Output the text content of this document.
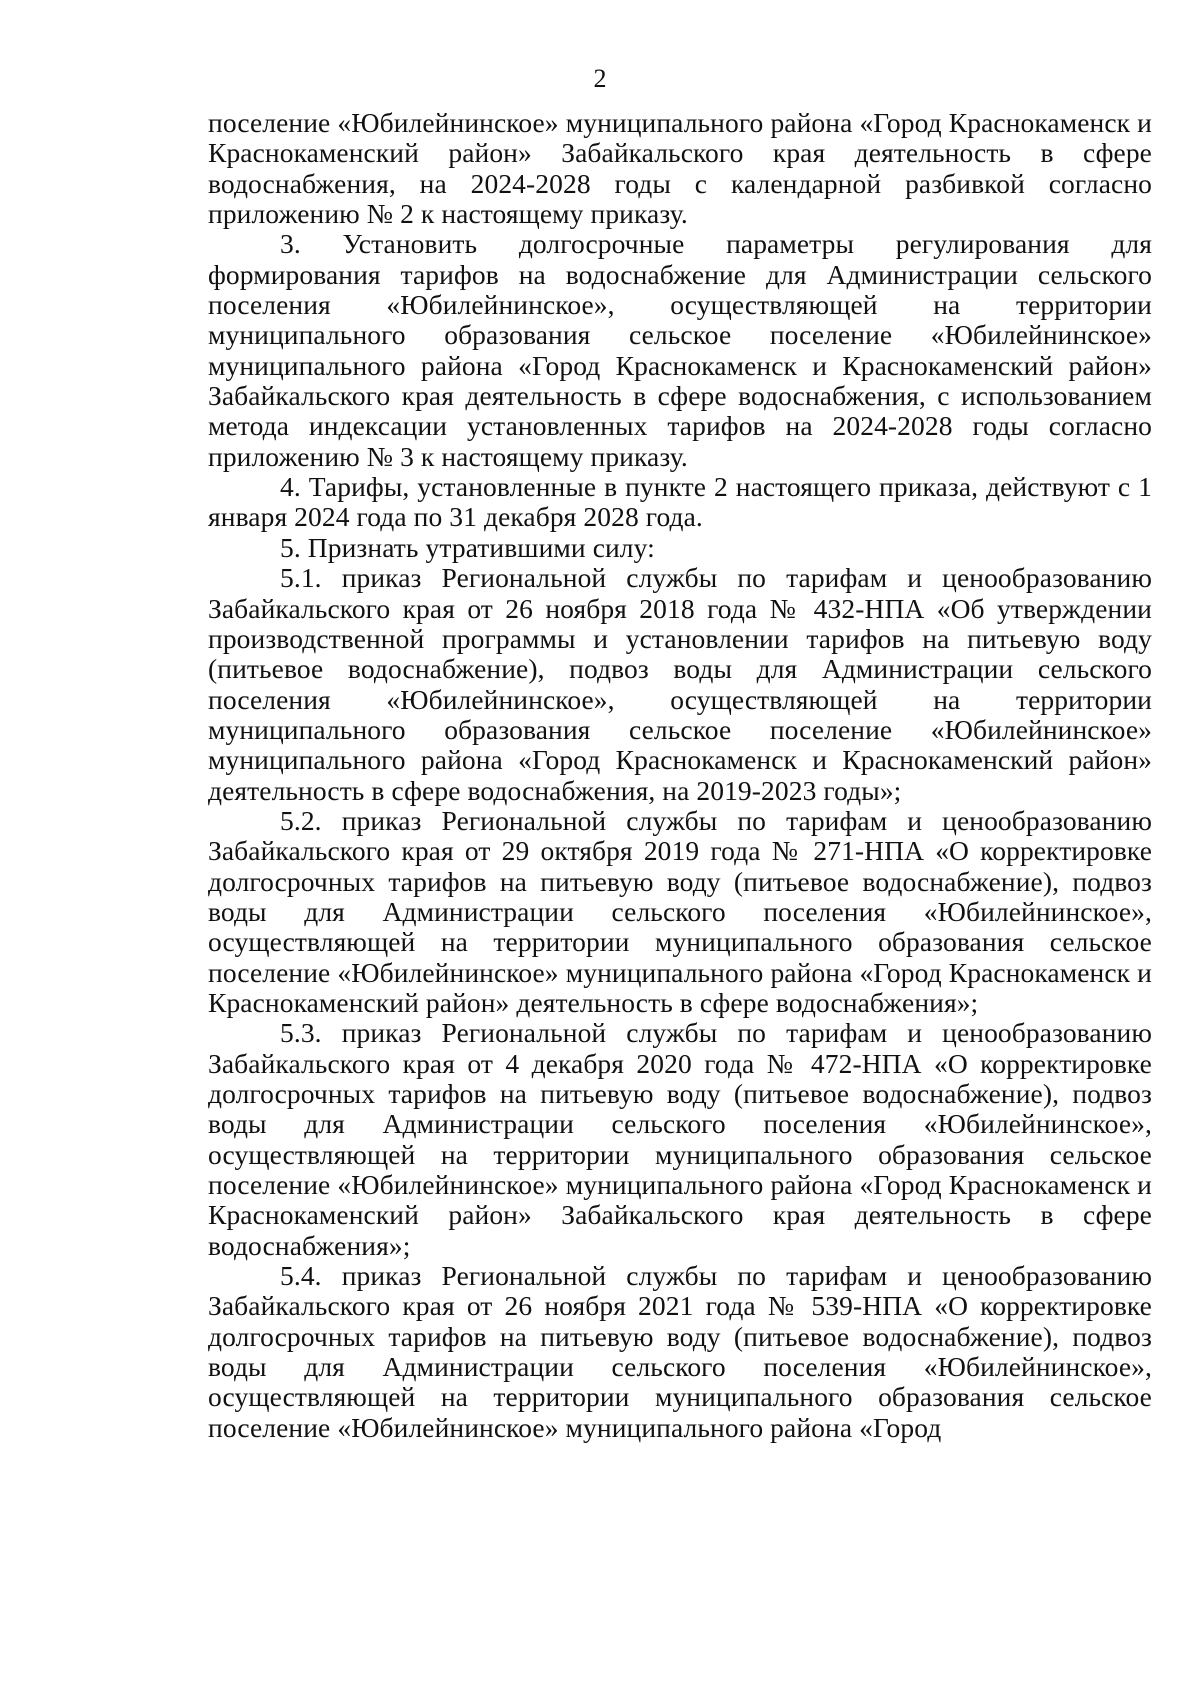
2

поселение «Юбилейнинское» муниципального района «Город Краснокаменск и Краснокаменский район» Забайкальского края деятельность в сфере водоснабжения, на 2024-2028 годы с календарной разбивкой согласно приложению № 2 к настоящему приказу.

3. Установить долгосрочные параметры регулирования для формирования тарифов на водоснабжение для Администрации сельского поселения «Юбилейнинское», осуществляющей на территории муниципального образования сельское поселение «Юбилейнинское» муниципального района «Город Краснокаменск и Краснокаменский район» Забайкальского края деятельность в сфере водоснабжения, с использованием метода индексации установленных тарифов на 2024-2028 годы согласно приложению № 3 к настоящему приказу.

4. Тарифы, установленные в пункте 2 настоящего приказа, действуют с 1 января 2024 года по 31 декабря 2028 года.

5. Признать утратившими силу:

5.1. приказ Региональной службы по тарифам и ценообразованию Забайкальского края от 26 ноября 2018 года № 432-НПА «Об утверждении производственной программы и установлении тарифов на питьевую воду (питьевое водоснабжение), подвоз воды для Администрации сельского поселения «Юбилейнинское», осуществляющей на территории муниципального образования сельское поселение «Юбилейнинское» муниципального района «Город Краснокаменск и Краснокаменский район» деятельность в сфере водоснабжения, на 2019-2023 годы»;

5.2. приказ Региональной службы по тарифам и ценообразованию Забайкальского края от 29 октября 2019 года № 271-НПА «О корректировке долгосрочных тарифов на питьевую воду (питьевое водоснабжение), подвоз воды для Администрации сельского поселения «Юбилейнинское», осуществляющей на территории муниципального образования сельское поселение «Юбилейнинское» муниципального района «Город Краснокаменск и Краснокаменский район» деятельность в сфере водоснабжения»;

5.3. приказ Региональной службы по тарифам и ценообразованию Забайкальского края от 4 декабря 2020 года № 472-НПА «О корректировке долгосрочных тарифов на питьевую воду (питьевое водоснабжение), подвоз воды для Администрации сельского поселения «Юбилейнинское», осуществляющей на территории муниципального образования сельское поселение «Юбилейнинское» муниципального района «Город Краснокаменск и Краснокаменский район» Забайкальского края деятельность в сфере водоснабжения»;

5.4. приказ Региональной службы по тарифам и ценообразованию Забайкальского края от 26 ноября 2021 года № 539-НПА «О корректировке долгосрочных тарифов на питьевую воду (питьевое водоснабжение), подвоз воды для Администрации сельского поселения «Юбилейнинское», осуществляющей на территории муниципального образования сельское поселение «Юбилейнинское» муниципального района «Город
